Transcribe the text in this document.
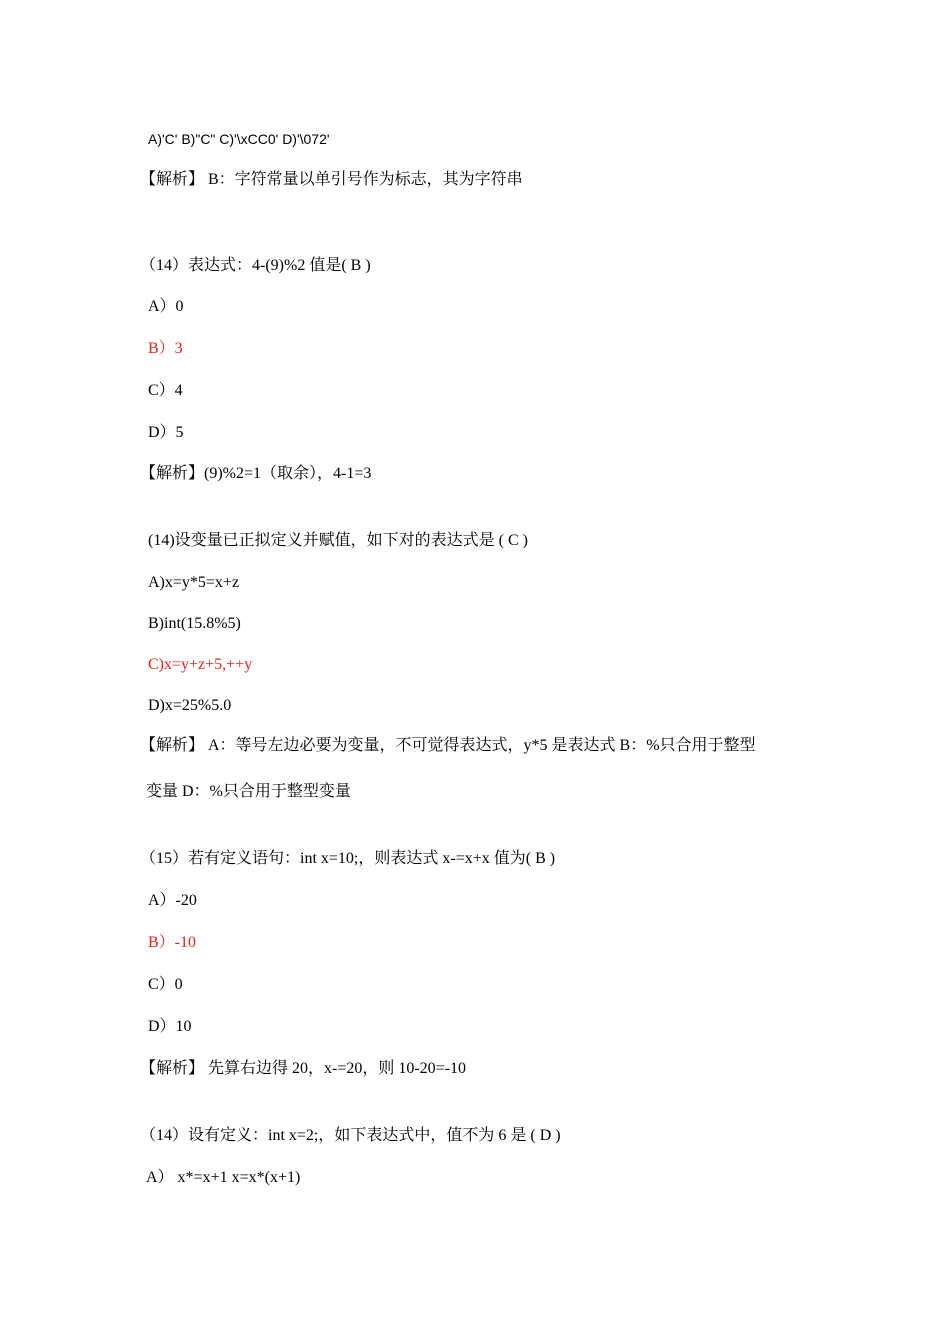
A)'C' B)"C" C)'\xCC0' D)'\072'
【解析】 B：字符常量以单引号作为标志，其为字符串
（14）表达式：4-(9)%2 值是( B )
A）0
B）3
C）4
D）5
【解析】(9)%2=1（取余），4-1=3
(14)设变量已正拟定义并赋值，如下对的表达式是 ( C )
A)x=y*5=x+z
B)int(15.8%5)
C)x=y+z+5,++y
D)x=25%5.0
【解析】 A：等号左边必要为变量，不可觉得表达式，y*5 是表达式 B：%只合用于整型
变量 D：%只合用于整型变量
（15）若有定义语句：int x=10;，则表达式 x-=x+x 值为( B )
A）-20
B）-10
C）0
D）10
【解析】 先算右边得 20，x-=20，则 10-20=-10
（14）设有定义：int x=2;，如下表达式中，值不为 6 是 ( D )
A） x*=x+1 x=x*(x+1)
